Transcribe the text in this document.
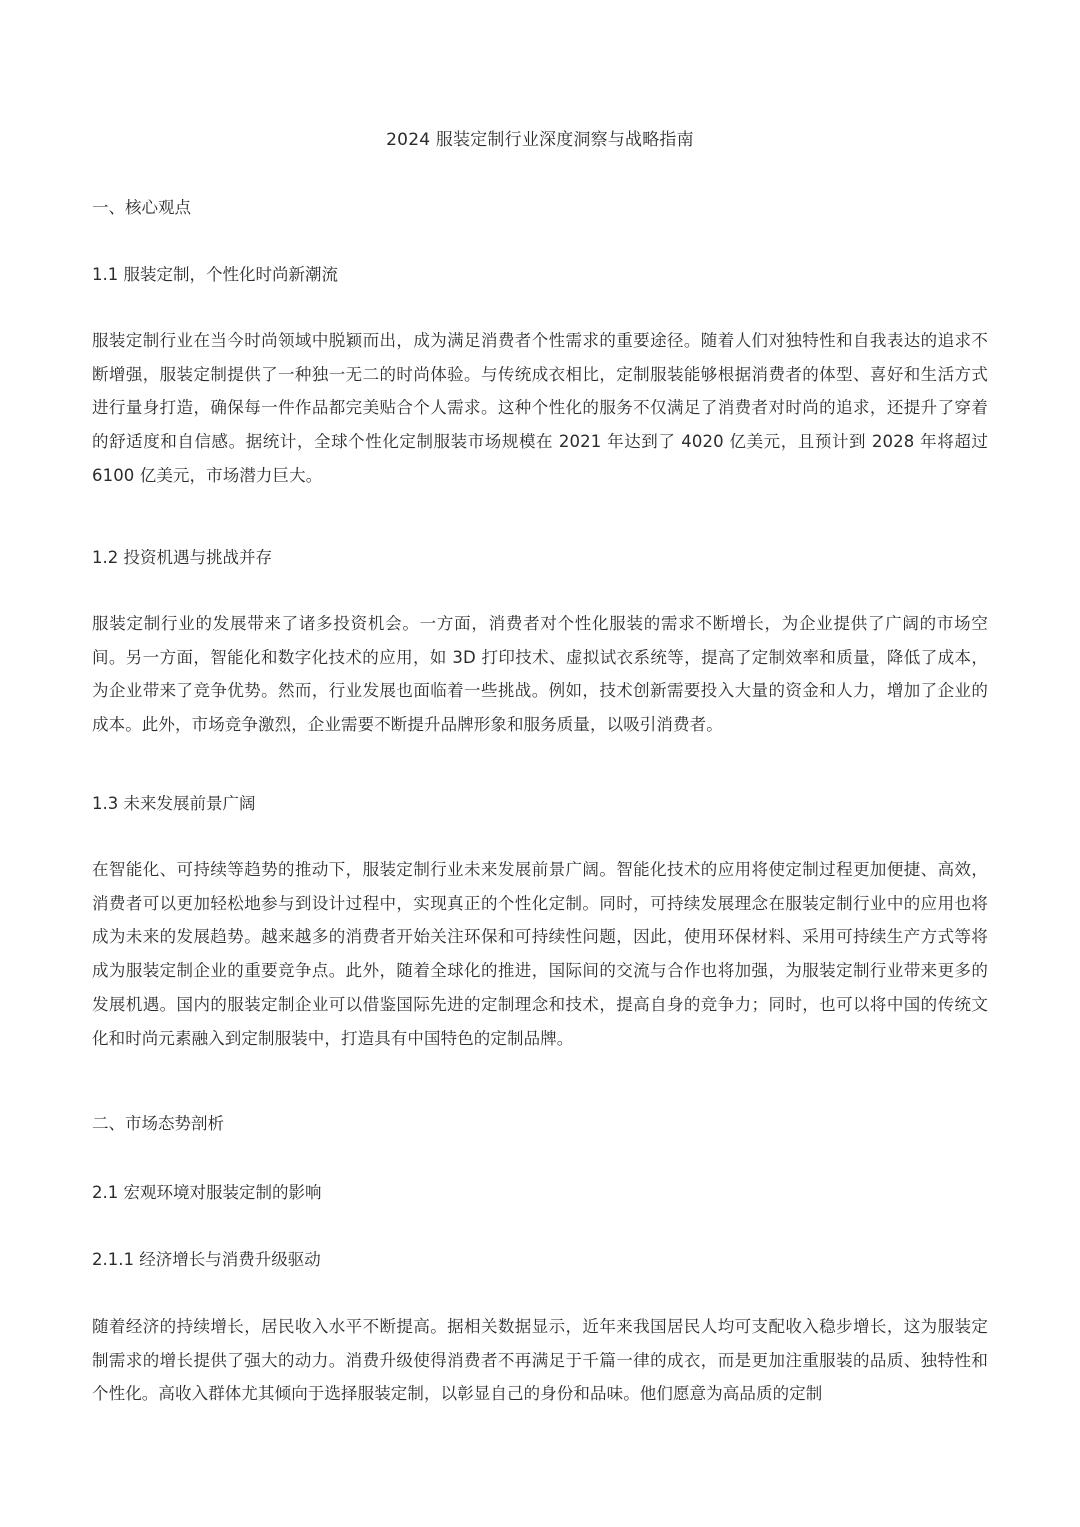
2024 服装定制行业深度洞察与战略指南
一、核心观点
1.1 服装定制，个性化时尚新潮流
服装定制行业在当今时尚领域中脱颖而出，成为满足消费者个性需求的重要途径。随着人们对独特性和自我表达的追求不断增强，服装定制提供了一种独一无二的时尚体验。与传统成衣相比，定制服装能够根据消费者的体型、喜好和生活方式进行量身打造，确保每一件作品都完美贴合个人需求。这种个性化的服务不仅满足了消费者对时尚的追求，还提升了穿着的舒适度和自信感。据统计，全球个性化定制服装市场规模在 2021 年达到了 4020 亿美元，且预计到 2028 年将超过 6100 亿美元，市场潜力巨大。
1.2 投资机遇与挑战并存
服装定制行业的发展带来了诸多投资机会。一方面，消费者对个性化服装的需求不断增长，为企业提供了广阔的市场空间。另一方面，智能化和数字化技术的应用，如 3D 打印技术、虚拟试衣系统等，提高了定制效率和质量，降低了成本，为企业带来了竞争优势。然而，行业发展也面临着一些挑战。例如，技术创新需要投入大量的资金和人力，增加了企业的成本。此外，市场竞争激烈，企业需要不断提升品牌形象和服务质量，以吸引消费者。
1.3 未来发展前景广阔
在智能化、可持续等趋势的推动下，服装定制行业未来发展前景广阔。智能化技术的应用将使定制过程更加便捷、高效，消费者可以更加轻松地参与到设计过程中，实现真正的个性化定制。同时，可持续发展理念在服装定制行业中的应用也将成为未来的发展趋势。越来越多的消费者开始关注环保和可持续性问题，因此，使用环保材料、采用可持续生产方式等将成为服装定制企业的重要竞争点。此外，随着全球化的推进，国际间的交流与合作也将加强，为服装定制行业带来更多的发展机遇。国内的服装定制企业可以借鉴国际先进的定制理念和技术，提高自身的竞争力；同时，也可以将中国的传统文化和时尚元素融入到定制服装中，打造具有中国特色的定制品牌。
二、市场态势剖析
2.1 宏观环境对服装定制的影响
2.1.1 经济增长与消费升级驱动
随着经济的持续增长，居民收入水平不断提高。据相关数据显示，近年来我国居民人均可支配收入稳步增长，这为服装定制需求的增长提供了强大的动力。消费升级使得消费者不再满足于千篇一律的成衣，而是更加注重服装的品质、独特性和个性化。高收入群体尤其倾向于选择服装定制，以彰显自己的身份和品味。他们愿意为高品质的定制
